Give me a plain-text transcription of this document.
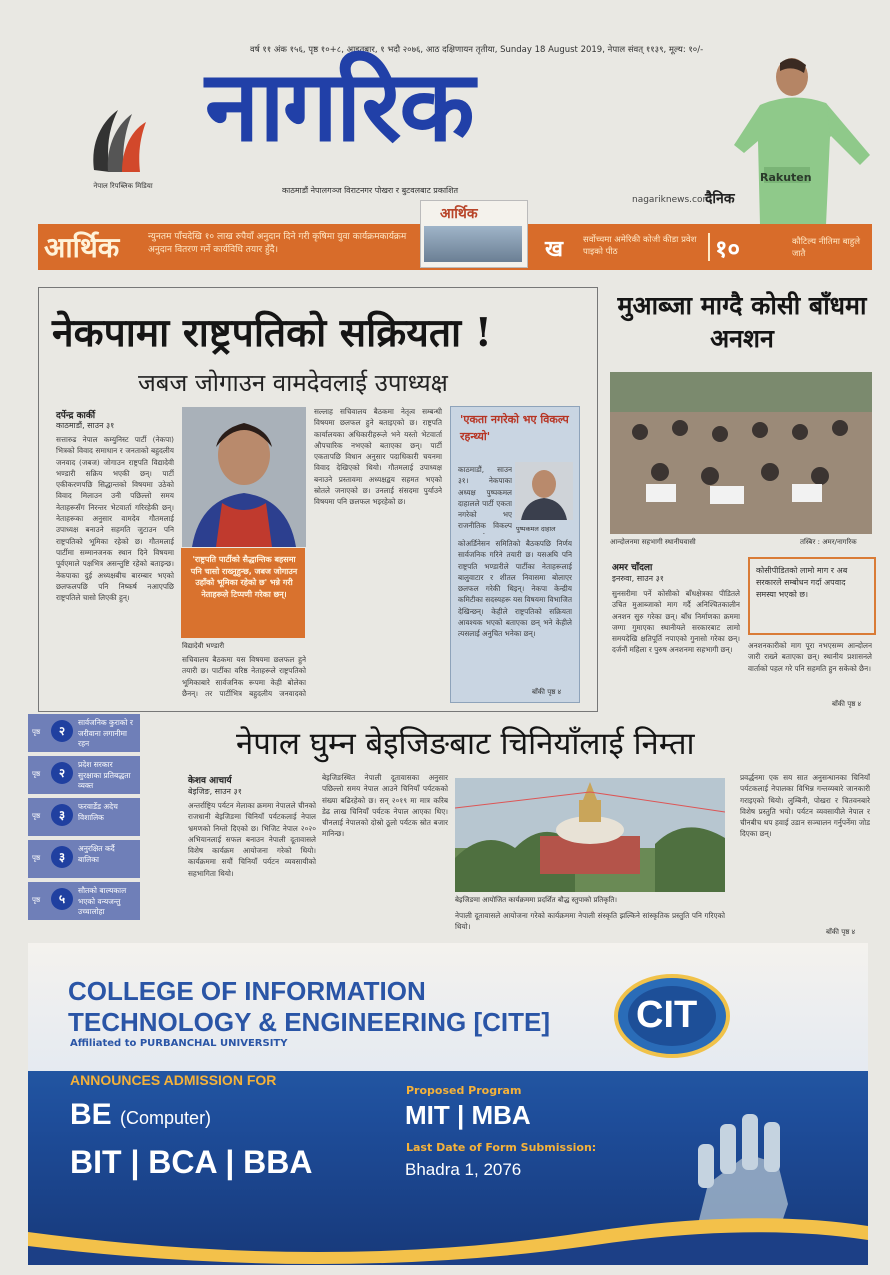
वर्ष ११ अंक १५६, पृष्ठ १०+८, आइतबार, १ भदौ २०७६, आठ दक्षिणायन तृतीया, Sunday 18 August 2019, नेपाल संवत् ११३९, मूल्य: १०/-
नेपाल रिपब्लिक मिडिया
नागरिक
काठमाडौं नेपालगञ्ज विराटनगर पोखरा र बुटवलबाट प्रकाशित
nagariknews.com
दैनिक
Rakuten
आर्थिक	न्युनतम पाँचदेखि १० लाख रुपैयाँ अनुदान दिने गरी कृषिमा युवा कार्यक्रमकार्यक्रम अनुदान वितरण गर्ने कार्यविधि तयार हुँदै।
आर्थिक
ख सर्वोच्चमा अमेरिकी कोजी कीडा प्रवेश पाइको पीठ	१०	कौटिल्य नीतिमा बाहुले जातै
नेकपामा राष्ट्रपतिको सक्रियता !
जबज जोगाउन वामदेवलाई उपाध्यक्ष
दर्पेन्द्र कार्की
काठमाडौं, साउन ३१
सत्तारुढ नेपाल कम्युनिस्ट पार्टी (नेकपा) भित्रको विवाद समाधान र जनताको बहुदलीय जनवाद (जबज) जोगाउन राष्ट्रपति विद्यादेवी भण्डारी सक्रिय भएकी छन्। पार्टी एकीकरणपछि सिद्धान्तको विषयमा उठेको विवाद मिलाउन उनी पछिल्लो समय नेताहरूसँग निरन्तर भेटवार्ता गरिरहेकी छन्। नेताहरूका अनुसार वामदेव गौतमलाई उपाध्यक्ष बनाउने सहमति जुटाउन पनि राष्ट्रपतिको भूमिका रहेको छ। गौतमलाई पार्टीमा सम्मानजनक स्थान दिने विषयमा पूर्वएमाले पक्षभित्र असन्तुष्टि रहेको बताइन्छ। नेकपाका दुई अध्यक्षबीच बारम्बार भएको छलफलपछि पनि निष्कर्ष नआएपछि राष्ट्रपतिले चासो लिएकी हुन्।
'राष्ट्रपति पार्टीको सैद्धान्तिक बहसमा पनि चासो राख्नुहुन्छ, जबज जोगाउन उहाँको भूमिका रहेको छ' भन्ने गरी नेताहरूले टिप्पणी गरेका छन्।
विद्यादेवी भण्डारी
सचिवालय बैठकमा यस विषयमा छलफल हुने तयारी छ। पार्टीका वरिष्ठ नेताहरूले राष्ट्रपतिको भूमिकाबारे सार्वजनिक रूपमा केही बोलेका छैनन्। तर पार्टीभित्र बहुदलीय जनवादको
सल्लाह सचिवालय बैठकमा नेतृत्व सम्बन्धी विषयमा छलफल हुने बताइएको छ। राष्ट्रपति कार्यालयका अधिकारीहरूले भने यस्तो भेटवार्ता औपचारिक नभएको बताएका छन्। पार्टी एकतापछि विधान अनुसार पदाधिकारी चयनमा विवाद देखिएको थियो। गौतमलाई उपाध्यक्ष बनाउने प्रस्तावमा अध्यक्षद्वय सहमत भएको स्रोतले जनाएको छ। उनलाई संसदमा पुर्याउने विषयमा पनि छलफल भइरहेको छ।
'एकता नगरेको भए विकल्प रहन्थ्यो'
पुष्पकमल दाहाल
काठमाडौं, साउन ३१। नेकपाका अध्यक्ष पुष्पकमल दाहालले पार्टी एकता नगरेको भए राजनीतिक विकल्प
कोअर्डिनेसन समितिको बैठकपछि निर्णय सार्वजनिक गरिने तयारी छ। यसअघि पनि राष्ट्रपति भण्डारीले पार्टीका नेताहरूलाई बालुवाटार र शीतल निवासमा बोलाएर छलफल गरेकी थिइन्। नेकपा केन्द्रीय कमिटीका सदस्यहरू यस विषयमा विभाजित देखिन्छन्। केहीले राष्ट्रपतिको सक्रियता आवश्यक भएको बताएका छन् भने केहीले त्यसलाई अनुचित भनेका छन्।
बाँकी पृष्ठ ४
मुआब्जा माग्दै कोसी बाँधमा अनशन
आन्दोलनमा सहभागी स्थानीयवासी	तस्बिर : अमर/नागरिक
अमर चाँदला
इनरुवा, साउन ३१
सुनसरीमा पर्ने कोसीको बाँधक्षेत्रका पीडितले उचित मुआब्जाको माग गर्दै अनिश्चितकालीन अनशन सुरु गरेका छन्। बाँध निर्माणका क्रममा जग्गा गुमाएका स्थानीयले सरकारबाट लामो समयदेखि क्षतिपूर्ति नपाएको गुनासो गरेका छन्। दर्जनौं महिला र पुरुष अनशनमा सहभागी छन्।
कोसीपीडितको लामो माग र अब सरकारले सम्बोधन गर्दा अपवाद समस्या भएको छ।
अनशनकारीको माग पूरा नभएसम्म आन्दोलन जारी राख्ने बताएका छन्। स्थानीय प्रशासनले वार्ताको पहल गरे पनि सहमति हुन सकेको छैन।
बाँकी पृष्ठ ४
पृष्ठ	२
सार्वजनिक कुराको र जरीवाना लगानीमा रहन
पृष्ठ	२
प्रदेश सरकार सुरक्षाका प्रतिबद्धता व्यक्त
पृष्ठ	३
फरवार्डेड अदेच विशालिक
पृष्ठ	३
अनुरक्षित कर्दै बालिका
पृष्ठ	५
सौतको बाल्यकाल भएको वन्यजन्तु उच्चालोहा
नेपाल घुम्न बेइजिङबाट चिनियाँलाई निम्ता
केशव आचार्य
बेइजिङ, साउन ३१
अन्तर्राष्ट्रिय पर्यटन मेलाका क्रममा नेपालले चीनको राजधानी बेइजिङमा चिनियाँ पर्यटकलाई नेपाल भ्रमणको निम्तो दिएको छ। भिजिट नेपाल २०२० अभियानलाई सफल बनाउन नेपाली दूतावासले विशेष कार्यक्रम आयोजना गरेको थियो। कार्यक्रममा सयौं चिनियाँ पर्यटन व्यवसायीको सहभागिता थियो।
बेइजिङस्थित नेपाली दूतावासका अनुसार पछिल्लो समय नेपाल आउने चिनियाँ पर्यटकको संख्या बढिरहेको छ। सन् २०१९ मा मात्र करिब डेढ लाख चिनियाँ पर्यटक नेपाल आएका थिए। चीनलाई नेपालको दोस्रो ठूलो पर्यटक स्रोत बजार मानिन्छ।
बेइजिङमा आयोजित कार्यक्रममा प्रदर्शित बौद्ध स्तुपाको प्रतिकृति।
नेपाली दूतावासले आयोजना गरेको कार्यक्रममा नेपाली संस्कृति झल्किने सांस्कृतिक प्रस्तुति पनि गरिएको थियो।
प्रवर्द्धनमा एक सय सात अनुसन्धानका चिनियाँ पर्यटकलाई नेपालका विभिन्न गन्तव्यबारे जानकारी गराइएको थियो। लुम्बिनी, पोखरा र चितवनबारे विशेष प्रस्तुति भयो। पर्यटन व्यवसायीले नेपाल र चीनबीच थप हवाई उडान सञ्चालन गर्नुपर्नेमा जोड दिएका छन्।
बाँकी पृष्ठ ४
COLLEGE OF INFORMATION
TECHNOLOGY & ENGINEERING [CITE]
Affiliated to PURBANCHAL UNIVERSITY
CIT
ANNOUNCES ADMISSION FOR
BE (Computer)
BIT | BCA | BBA
Proposed Program
MIT | MBA
Last Date of Form Submission:
Bhadra 1, 2076
